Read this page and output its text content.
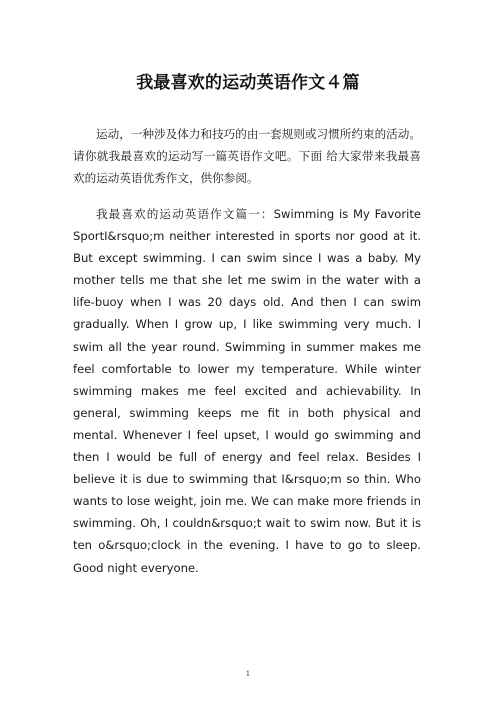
我最喜欢的运动英语作文４篇

运动，一种涉及体力和技巧的由一套规则或习惯所约束的活动。请你就我最喜欢的运动写一篇英语作文吧。下面 给大家带来我最喜欢的运动英语优秀作文，供你参阅。

我最喜欢的运动英语作文篇一：Swimming is My Favorite SportI&rsquo;m neither interested in sports nor good at it. But except swimming. I can swim since I was a baby. My mother tells me that she let me swim in the water with a life-buoy when I was 20 days old. And then I can swim gradually. When I grow up, I like swimming very much. I swim all the year round. Swimming in summer makes me feel comfortable to lower my temperature. While winter swimming makes me feel excited and achievability. In general, swimming keeps me fit in both physical and mental. Whenever I feel upset, I would go swimming and then I would be full of energy and feel relax. Besides I believe it is due to swimming that I&rsquo;m so thin. Who wants to lose weight, join me. We can make more friends in swimming. Oh, I couldn&rsquo;t wait to swim now. But it is ten o&rsquo;clock in the evening. I have to go to sleep. Good night everyone.

1
